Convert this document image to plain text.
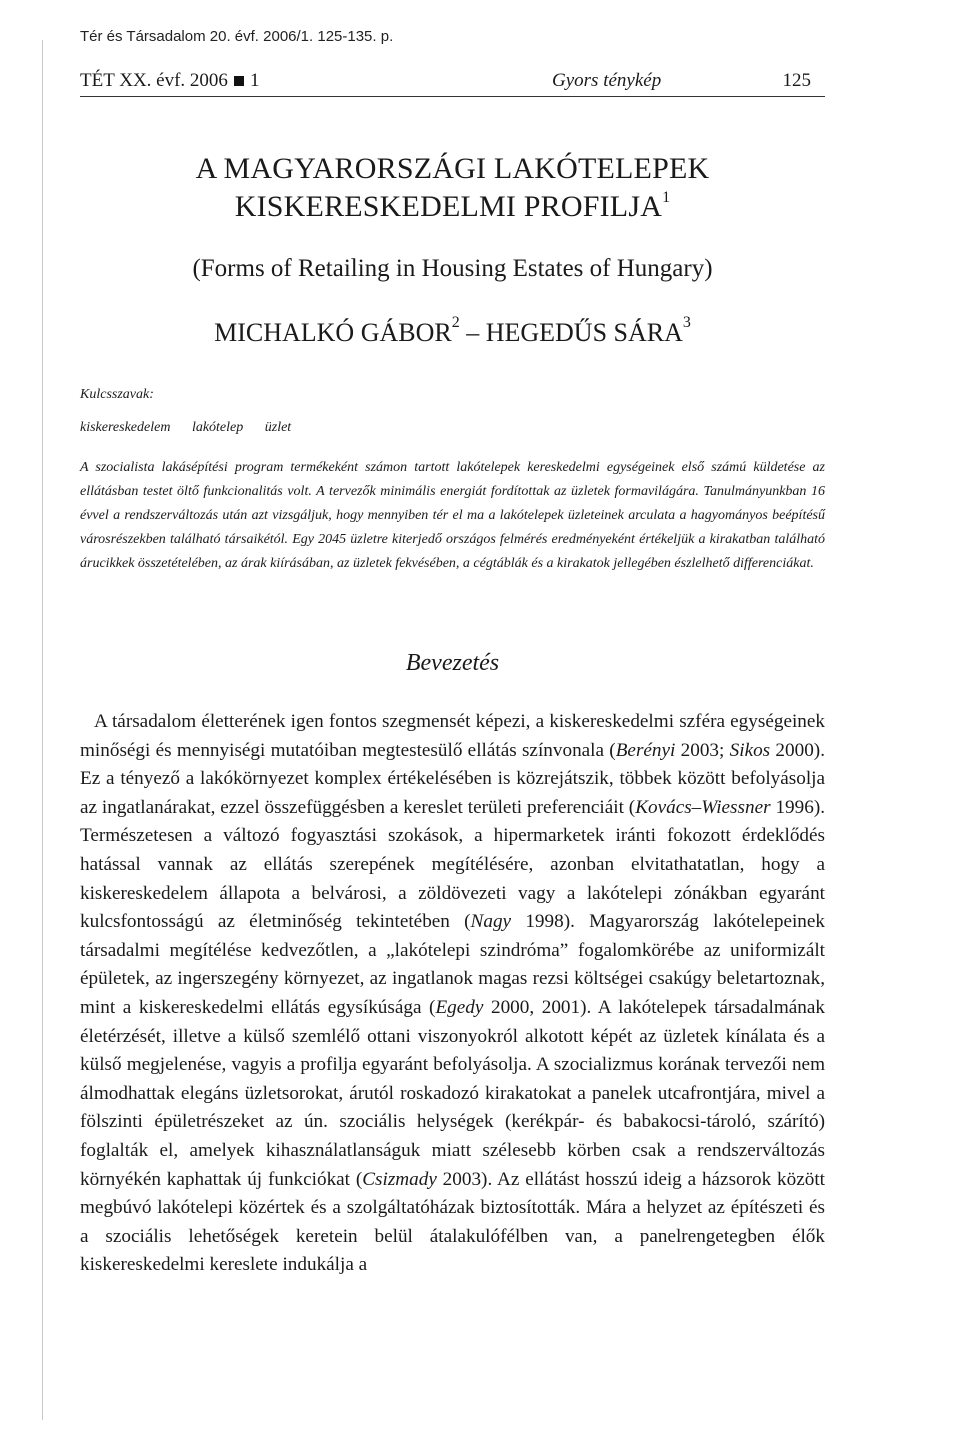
Tér és Társadalom 20. évf. 2006/1. 125-135. p.
TÉT XX. évf. 2006 1	Gyors ténykép	125
A MAGYARORSZÁGI LAKÓTELEPEK
KISKERESKEDELMI PROFILJA$^1$
(Forms of Retailing in Housing Estates of Hungary)
MICHALKÓ GÁBOR$^2$ – HEGEDŰS SÁRA$^3$
Kulcsszavak:
kiskereskedelem lakótelep üzlet

A szocialista lakásépítési program termékeként számon tartott lakótelepek kereskedelmi egységeinek első számú küldetése az ellátásban testet öltő funkcionalitás volt. A tervezők minimális energiát fordítottak az üzletek formavilágára. Tanulmányunkban 16 évvel a rendszerváltozás után azt vizsgáljuk, hogy mennyiben tér el ma a lakótelepek üzleteinek arculata a hagyományos beépítésű városrészekben található társaikétól. Egy 2045 üzletre kiterjedő országos felmérés eredményeként értékeljük a kirakatban található árucikkek összetételében, az árak kiírásában, az üzletek fekvésében, a cégtáblák és a kirakatok jellegében észlelhető differenciákat.

Bevezetés

A társadalom életterének igen fontos szegmensét képezi, a kiskereskedelmi szféra egységeinek minőségi és mennyiségi mutatóiban megtestesülő ellátás színvonala (Berényi 2003; Sikos 2000). Ez a tényező a lakókörnyezet komplex értékelésében is közrejátszik, többek között befolyásolja az ingatlanárakat, ezzel összefüggésben a kereslet területi preferenciáit (Kovács–Wiessner 1996). Természetesen a változó fogyasztási szokások, a hipermarketek iránti fokozott érdeklődés hatással vannak az ellátás szerepének megítélésére, azonban elvitathatatlan, hogy a kiskereskedelem állapota a belvárosi, a zöldövezeti vagy a lakótelepi zónákban egyaránt kulcsfontosságú az életminőség tekintetében (Nagy 1998). Magyarország lakótelepeinek társadalmi megítélése kedvezőtlen, a „lakótelepi szindróma” fogalomkörébe az uniformizált épületek, az ingerszegény környezet, az ingatlanok magas rezsi költségei csakúgy beletartoznak, mint a kiskereskedelmi ellátás egysíkúsága (Egedy 2000, 2001). A lakótelepek társadalmának életérzését, illetve a külső szemlélő ottani viszonyokról alkotott képét az üzletek kínálata és a külső megjelenése, vagyis a profilja egyaránt befolyásolja. A szocializmus korának tervezői nem álmodhattak elegáns üzletsorokat, árutól roskadozó kirakatokat a panelek utcafrontjára, mivel a fölszinti épületrészeket az ún. szociális helységek (kerékpár- és babakocsi-tároló, szárító) foglalták el, amelyek kihasználatlanságuk miatt szélesebb körben csak a rendszerváltozás környékén kaphattak új funkciókat (Csizmady 2003). Az ellátást hosszú ideig a házsorok között megbúvó lakótelepi közértek és a szolgáltatóházak biztosították. Mára a helyzet az építészeti és a szociális lehetőségek keretein belül átalakulófélben van, a panelrengetegben élők kiskereskedelmi kereslete indukálja a
